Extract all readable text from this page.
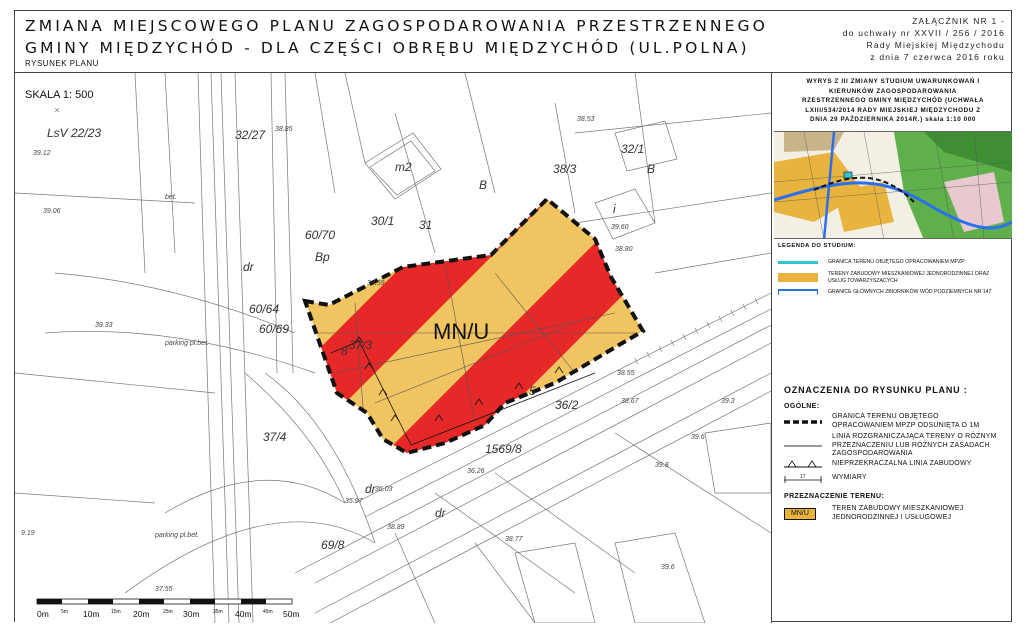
ZMIANA MIEJSCOWEGO PLANU ZAGOSPODAROWANIA PRZESTRZENNEGO
GMINY MIĘDZYCHÓD - DLA CZĘŚCI OBRĘBU MIĘDZYCHÓD (UL.POLNA)
RYSUNEK PLANU
ZAŁĄCZNIK NR 1 -
do uchwały nr XXVII / 256 / 2016
Rady Miejskiej Międzychodu
z dnia 7 czerwca 2016 roku
MN/U
LsV 22/23	32/27
m2
B
38/3
32/1
B
30/1 31
60/70
Bp
60/64
60/69
37/3
37/4
36/2
1569/8
dr
69/8
i
dr
dr
5
8
38.85
38.80
parking pl.bet.
parking pl.bet.
39.33
39.3
39.6
39.8
39.6
9.19
38.53
38.55
38.67
39.06
39.12
39.60
bet.
39.59
36.26
36.03
35.97
37.55
38.89
38.77
SKALA 1: 500
0m	10m	20m	30m	40m	50m
5m	15m	25m	35m	45m
WYRYS Z III ZMIANY STUDIUM UWARUNKOWAŃ I
KIERUNKÓW ZAGOSPODAROWANIA
RZESTRZENNEGO GMINY MIĘDZYCHÓD (UCHWAŁA
LXIII/534/2014 RADY MIEJSKIEJ MIĘDZYCHODU Z
DNIA 29 PAŹDZIERNIKA 2014R.) skala 1:10 000
LEGENDA DO STUDIUM:
GRANICA TERENU OBJĘTEGO OPRACOWANIEM MPZP
TERENY ZABUDOWY MIESZKANIOWEJ JEDNORODZINNEJ ORAZ USŁUG TOWARZYSZĄCYCH
GRANICE GŁÓWNYCH ZBIORNIKÓW WÓD PODZIEMNYCH NR 147
OZNACZENIA DO RYSUNKU PLANU :
OGÓLNE:
GRANICA TERENU OBJĘTEGO OPRACOWANIEM MPZP ODSUNIĘTA O 1M
LINIA ROZGRANICZAJĄCA TERENY O RÓŻNYM PRZEZNACZENIU LUB RÓŻNYCH ZASADACH ZAGOSPODAROWANIA
NIEPRZEKRACZALNA LINIA ZABUDOWY
17	WYMIARY
PRZEZNACZENIE TERENU:
MN/U
TEREN ZABUDOWY MIESZKANIOWEJ JEDNORODZINNEJ I USŁUGOWEJ
